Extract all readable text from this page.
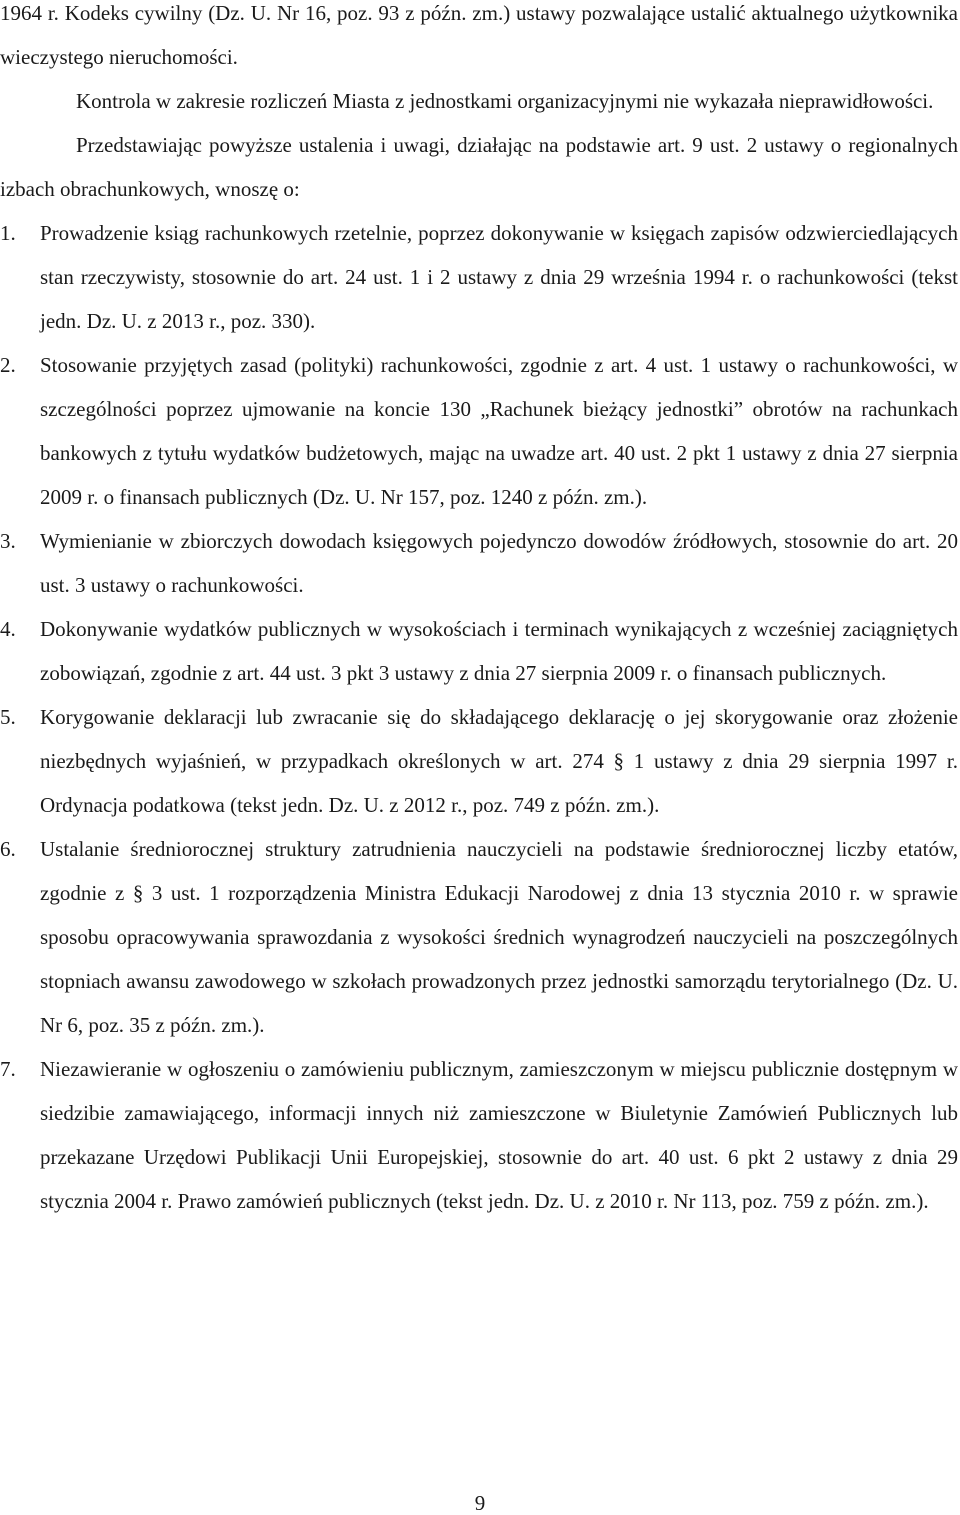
1964 r. Kodeks cywilny (Dz. U. Nr 16, poz. 93 z późn. zm.) ustawy pozwalające ustalić aktualnego użytkownika wieczystego nieruchomości.

Kontrola w zakresie rozliczeń Miasta z jednostkami organizacyjnymi nie wykazała nieprawidłowości.

Przedstawiając powyższe ustalenia i uwagi, działając na podstawie art. 9 ust. 2 ustawy o regionalnych izbach obrachunkowych, wnoszę o:

1.	Prowadzenie ksiąg rachunkowych rzetelnie, poprzez dokonywanie w księgach zapisów odzwierciedlających stan rzeczywisty, stosownie do art. 24 ust. 1 i 2 ustawy z dnia 29 września 1994 r. o rachunkowości (tekst jedn. Dz. U. z 2013 r., poz. 330).
2.	Stosowanie przyjętych zasad (polityki) rachunkowości, zgodnie z art. 4 ust. 1 ustawy o rachunkowości, w szczególności poprzez ujmowanie na koncie 130 „Rachunek bieżący jednostki” obrotów na rachunkach bankowych z tytułu wydatków budżetowych, mając na uwadze art. 40 ust. 2 pkt 1 ustawy z dnia 27 sierpnia 2009 r. o finansach publicznych (Dz. U. Nr 157, poz. 1240 z późn. zm.).
3.	Wymienianie w zbiorczych dowodach księgowych pojedynczo dowodów źródłowych, stosownie do art. 20 ust. 3 ustawy o rachunkowości.
4.	Dokonywanie wydatków publicznych w wysokościach i terminach wynikających z wcześniej zaciągniętych zobowiązań, zgodnie z art. 44 ust. 3 pkt 3 ustawy z dnia 27 sierpnia 2009 r. o finansach publicznych.
5.	Korygowanie deklaracji lub zwracanie się do składającego deklarację o jej skorygowanie oraz złożenie niezbędnych wyjaśnień, w przypadkach określonych w art. 274 § 1 ustawy z dnia 29 sierpnia 1997 r. Ordynacja podatkowa (tekst jedn. Dz. U. z 2012 r., poz. 749 z późn. zm.).
6.	Ustalanie średniorocznej struktury zatrudnienia nauczycieli na podstawie średniorocznej liczby etatów, zgodnie z § 3 ust. 1 rozporządzenia Ministra Edukacji Narodowej z dnia 13 stycznia 2010 r. w sprawie sposobu opracowywania sprawozdania z wysokości średnich wynagrodzeń nauczycieli na poszczególnych stopniach awansu zawodowego w szkołach prowadzonych przez jednostki samorządu terytorialnego (Dz. U. Nr 6, poz. 35 z późn. zm.).
7.	Niezawieranie w ogłoszeniu o zamówieniu publicznym, zamieszczonym w miejscu publicznie dostępnym w siedzibie zamawiającego, informacji innych niż zamieszczone w Biuletynie Zamówień Publicznych lub przekazane Urzędowi Publikacji Unii Europejskiej, stosownie do art. 40 ust. 6 pkt 2 ustawy z dnia 29 stycznia 2004 r. Prawo zamówień publicznych (tekst jedn. Dz. U. z 2010 r. Nr 113, poz. 759 z późn. zm.).
9
